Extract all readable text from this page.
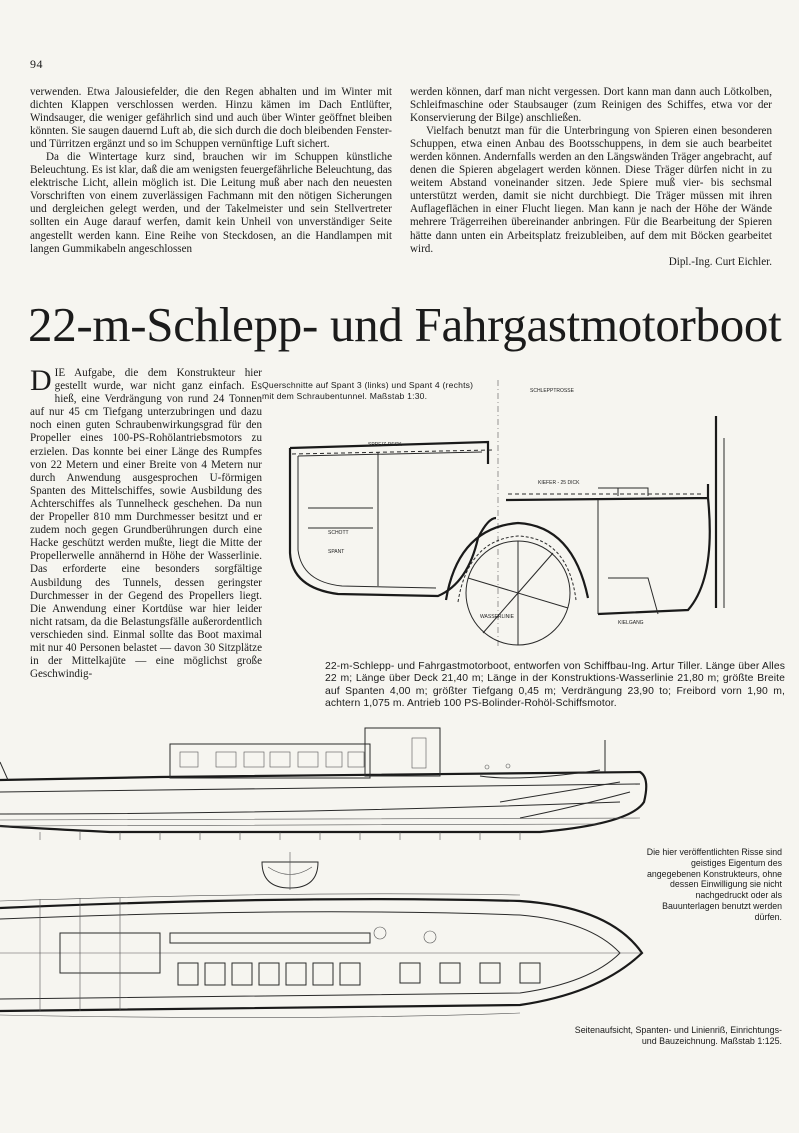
94

verwenden. Etwa Jalousiefelder, die den Regen abhalten und im Winter mit dichten Klappen verschlossen werden. Hinzu kämen im Dach Entlüfter, Windsauger, die weniger gefährlich sind und auch über Winter geöffnet bleiben könnten. Sie saugen dauernd Luft ab, die sich durch die doch bleibenden Fenster- und Türritzen ergänzt und so im Schuppen vernünftige Luft sichert.

Da die Wintertage kurz sind, brauchen wir im Schuppen künstliche Beleuchtung. Es ist klar, daß die am wenigsten feuergefährliche Beleuchtung, das elektrische Licht, allein möglich ist. Die Leitung muß aber nach den neuesten Vorschriften von einem zuverlässigen Fachmann mit den nötigen Sicherungen und dergleichen gelegt werden, und der Takelmeister und sein Stellvertreter sollten ein Auge darauf werfen, damit kein Unheil von unverständiger Seite angestellt werden kann. Eine Reihe von Steckdosen, an die Handlampen mit langen Gummikabeln angeschlossen

werden können, darf man nicht vergessen. Dort kann man dann auch Lötkolben, Schleifmaschine oder Staubsauger (zum Reinigen des Schiffes, etwa vor der Konservierung der Bilge) anschließen.

Vielfach benutzt man für die Unterbringung von Spieren einen besonderen Schuppen, etwa einen Anbau des Bootsschuppens, in dem sie auch bearbeitet werden können. Andernfalls werden an den Längswänden Träger angebracht, auf denen die Spieren abgelagert werden können. Diese Träger dürfen nicht in zu weitem Abstand voneinander sitzen. Jede Spiere muß vier- bis sechsmal unterstützt werden, damit sie nicht durchbiegt. Die Träger müssen mit ihren Auflageflächen in einer Flucht liegen. Man kann je nach der Höhe der Wände mehrere Trägerreihen übereinander anbringen. Für die Bearbeitung der Spieren hätte dann unten ein Arbeitsplatz freizubleiben, auf dem mit Böcken gearbeitet wird.

Dipl.-Ing. Curt Eichler.

22-m-Schlepp- und Fahrgastmotorboot
DIE Aufgabe, die dem Konstrukteur hier gestellt wurde, war nicht ganz einfach. Es hieß, eine Verdrängung von rund 24 Tonnen auf nur 45 cm Tiefgang unterzubringen und dazu noch einen guten Schraubenwirkungsgrad für den Propeller eines 100-PS-Rohölantriebsmotors zu erzielen. Das konnte bei einer Länge des Rumpfes von 22 Metern und einer Breite von 4 Metern nur durch Anwendung ausgesprochen U-förmigen Spanten des Mittelschiffes, sowie Ausbildung des Achterschiffes als Tunnelheck geschehen. Da nun der Propeller 810 mm Durchmesser besitzt und er zudem noch gegen Grundberührungen durch eine Hacke geschützt werden mußte, liegt die Mitte der Propellerwelle annähernd in Höhe der Wasserlinie. Das erforderte eine besonders sorgfältige Ausbildung des Tunnels, dessen geringster Durchmesser in der Gegend des Propellers liegt. Die Anwendung einer Kortdüse war hier leider nicht ratsam, da die Belastungsfälle außerordentlich verschieden sind. Einmal sollte das Boot maximal mit nur 40 Personen belastet — davon 30 Sitzplätze in der Mittelkajüte — eine möglichst große Geschwindig-
Querschnitte auf Spant 3 (links) und Spant 4 (rechts) mit dem Schraubentunnel. Maßstab 1:30.	SCHLEPPTROSSE
SPREIZ-DECK
KIEFER - 25 DICK
SPANT
SCHOTT
KIELGANG
WASSERLINIE
22-m-Schlepp- und Fahrgastmotorboot, entworfen von Schiffbau-Ing. Artur Tiller. Länge über Alles 22 m; Länge über Deck 21,40 m; Länge in der Konstruktions-Wasserlinie 21,80 m; größte Breite auf Spanten 4,00 m; größter Tiefgang 0,45 m; Verdrängung 23,90 to; Freibord vorn 1,90 m, achtern 1,075 m. Antrieb 100 PS-Bolinder-Rohöl-Schiffsmotor.
Die hier veröffentlichten Risse sind geistiges Eigentum des angegebenen Konstrukteurs, ohne dessen Einwilligung sie nicht nachgedruckt oder als Bauunterlagen benutzt werden dürfen.
Seitenaufsicht, Spanten- und Linienriß, Einrichtungs- und Bauzeichnung. Maßstab 1:125.
